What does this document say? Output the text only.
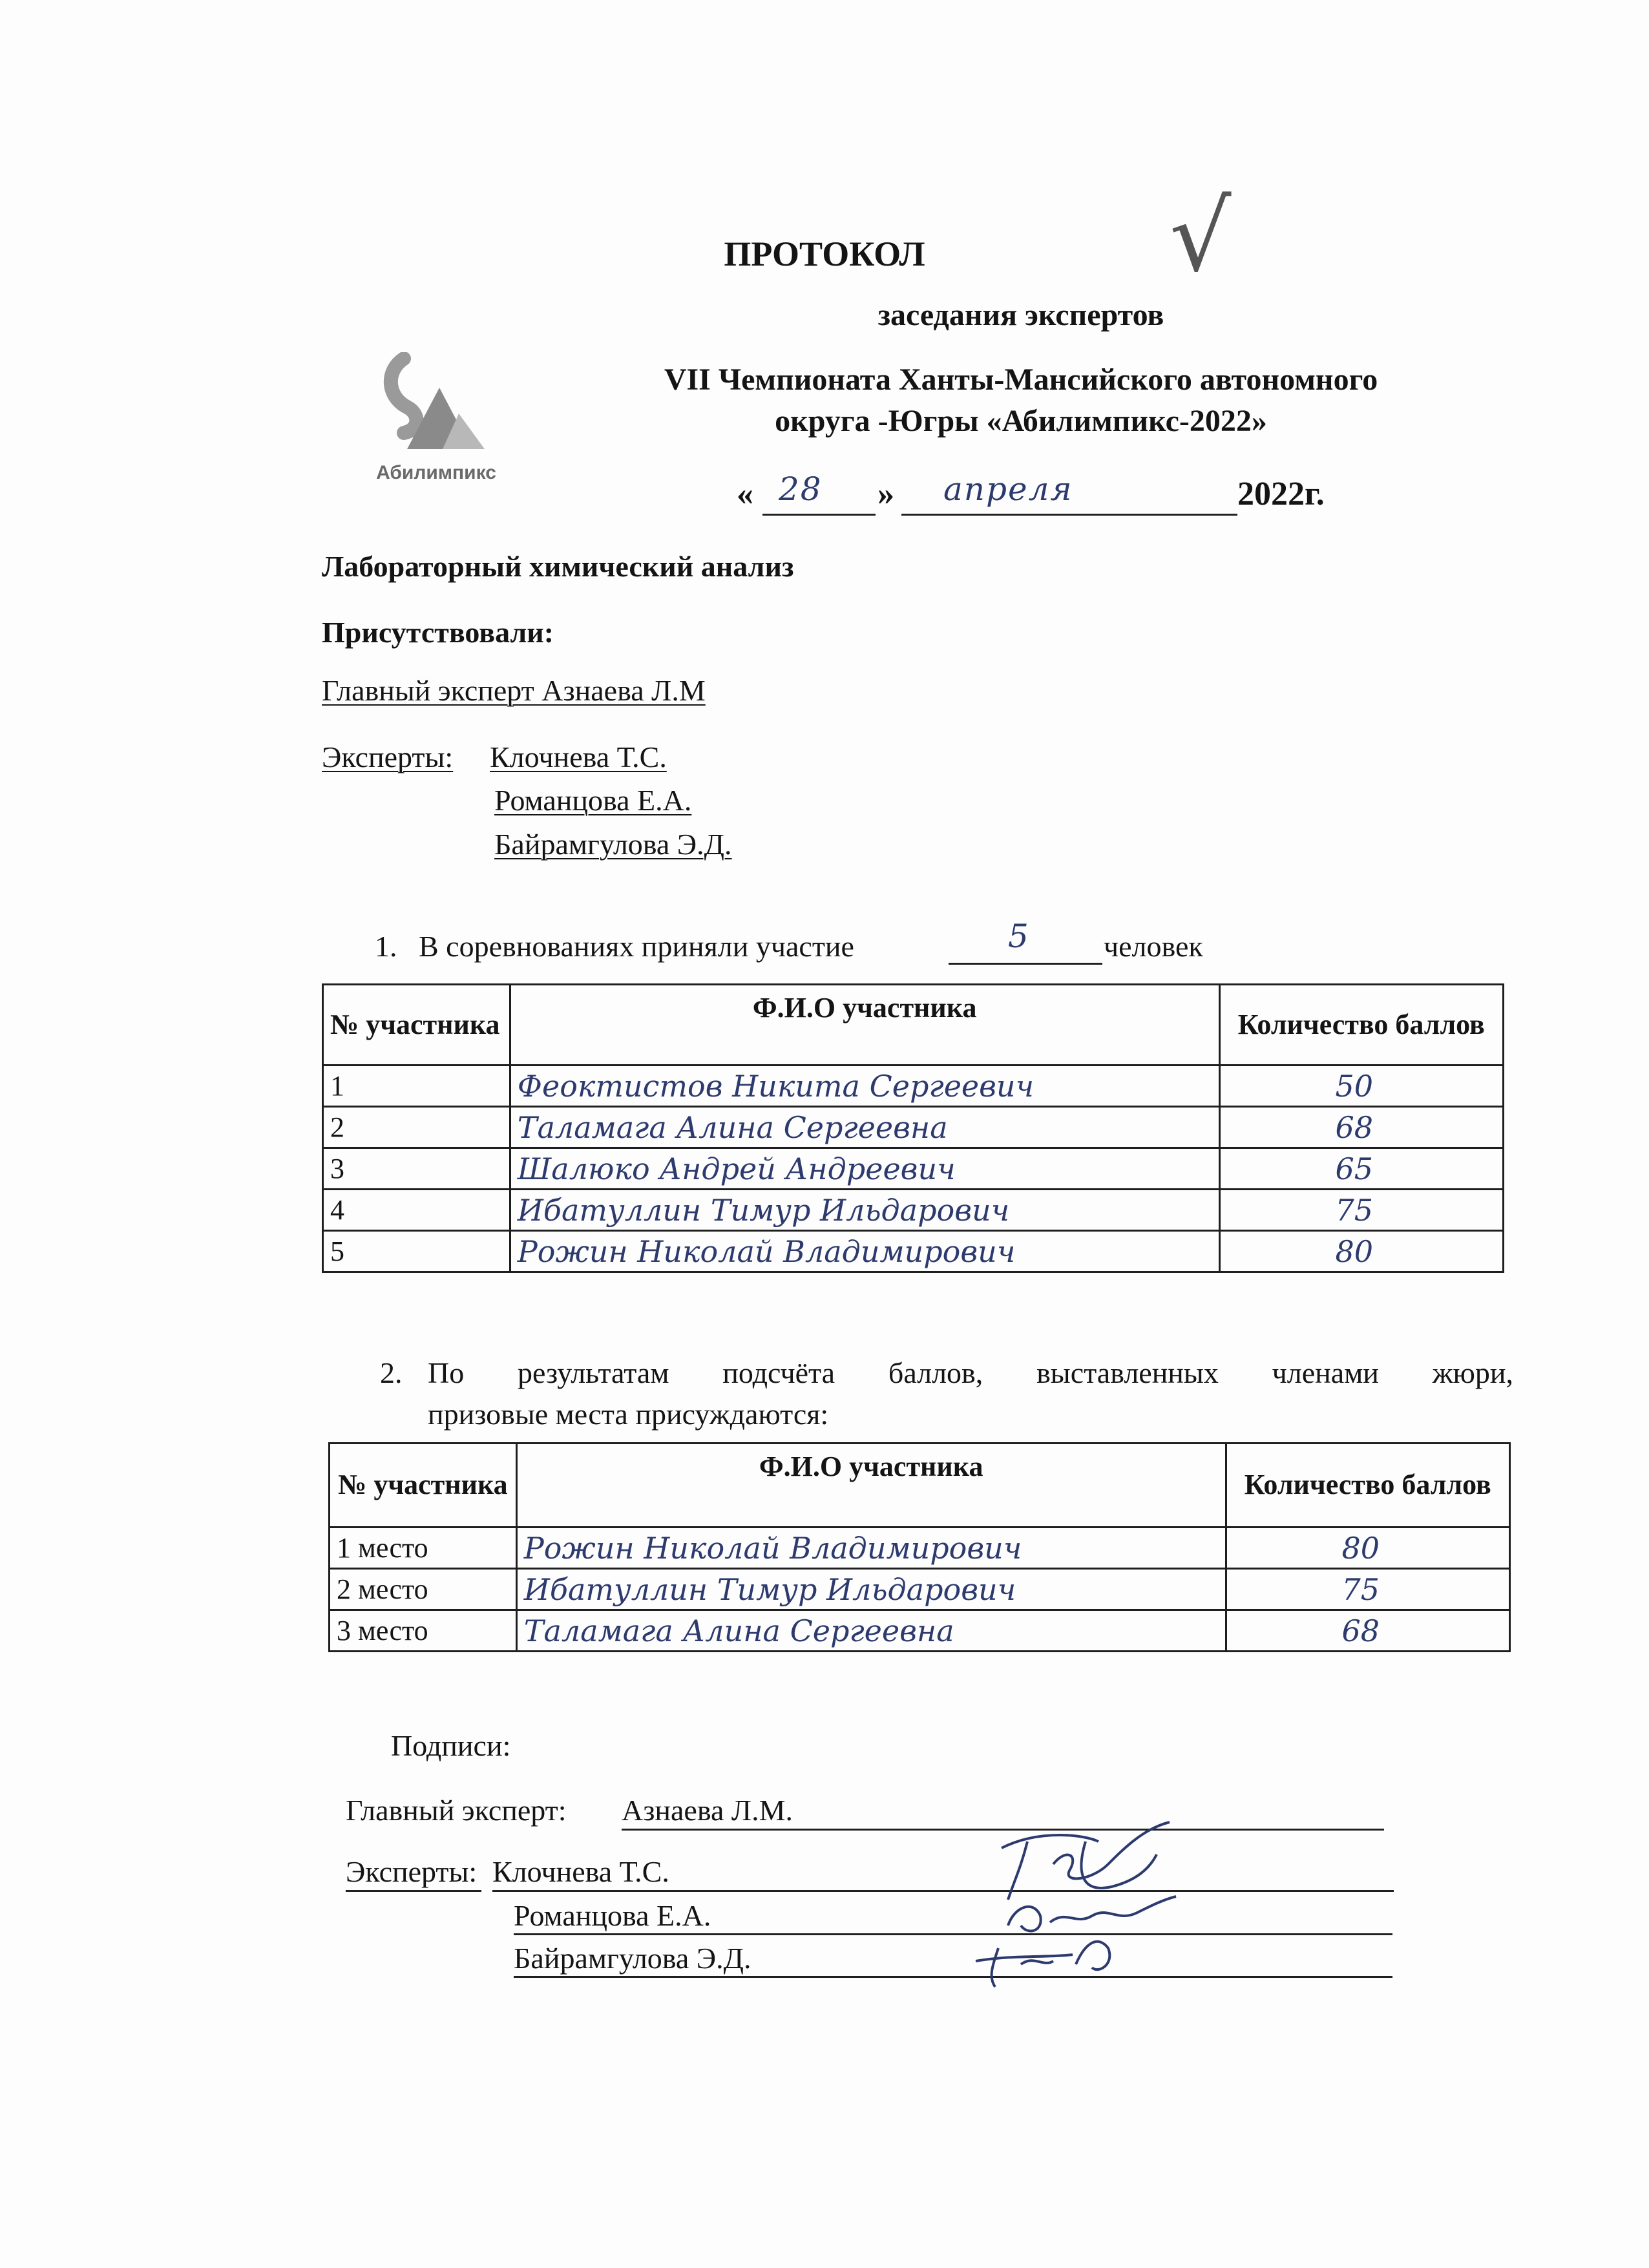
ПРОТОКОЛ	√
заседания экспертов
VII Чемпионата Ханты-Мансийского автономного
округа -Югры «Абилимпикс-2022»
« 28 » апреля	2022г.
Абилимпикс
Лабораторный химический анализ
Присутствовали:
Главный эксперт Азнаева Л.М
Эксперты: Клочнева Т.С.
Романцова Е.А.
Байрамгулова Э.Д.
1. В соревнованиях приняли участие	5 человек
№ участника	Ф.И.О участника	Количество баллов
1	Феоктистов Никита Сергеевич	50
2	Таламага Алина Сергеевна	68
3	Шалюко Андрей Андреевич	65
4	Ибатуллин Тимур Ильдарович	75
5	Рожин Николай Владимирович	80
2. По результатам подсчёта баллов, выставленных членами жюри,
призовые места присуждаются:
№ участника	Ф.И.О участника	Количество баллов
1 место	Рожин Николай Владимирович	80
2 место	Ибатуллин Тимур Ильдарович	75
3 место	Таламага Алина Сергеевна	68
Подписи:
Главный эксперт: Азнаева Л.М.
Эксперты: Клочнева Т.С.
Романцова Е.А.
Байрамгулова Э.Д.
